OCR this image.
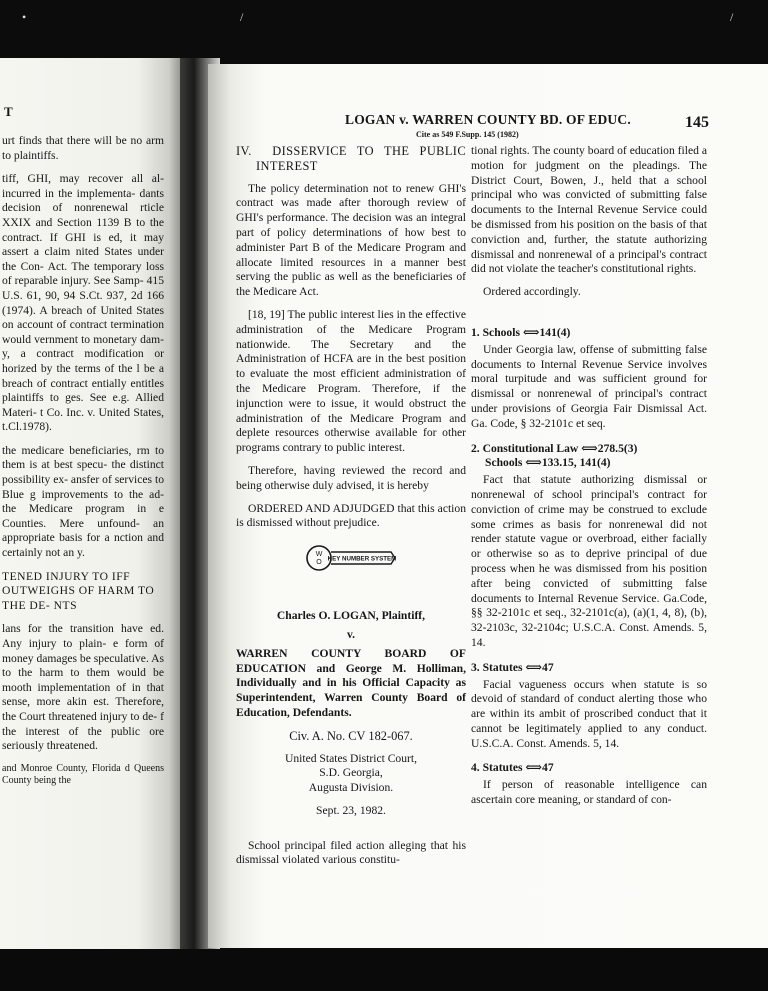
•	/	/
T

urt finds that there will be no arm to plaintiffs.

tiff, GHI, may recover all al- incurred in the implementa- dants decision of nonrenewal rticle XXIX and Section 1139 B to the contract. If GHI is ed, it may assert a claim nited States under the Con- Act. The temporary loss of reparable injury. See Samp- 415 U.S. 61, 90, 94 S.Ct. 937, 2d 166 (1974). A breach of United States on account of contract termination would vernment to monetary dam- y, a contract modification or horized by the terms of the l be a breach of contract entially entitles plaintiffs to ges. See e.g. Allied Materi- t Co. Inc. v. United States, t.Cl.1978).

the medicare beneficiaries, rm to them is at best specu- the distinct possibility ex- ansfer of services to Blue g improvements to the ad- the Medicare program in e Counties. Mere unfound- an appropriate basis for a nction and certainly not an y.

TENED INJURY TO IFF OUTWEIGHS OF HARM TO THE DE- NTS

lans for the transition have ed. Any injury to plain- e form of money damages be speculative. As to the harm to them would be mooth implementation of in that sense, more akin est. Therefore, the Court threatened injury to de- f the interest of the public ore seriously threatened.

and Monroe County, Florida d Queens County being the

LOGAN v. WARREN COUNTY BD. OF EDUC.
Cite as 549 F.Supp. 145 (1982)
145
IV. DISSERVICE TO THE PUBLIC INTEREST

The policy determination not to renew GHI's contract was made after thorough review of GHI's performance. The decision was an integral part of policy determinations of how best to administer Part B of the Medicare Program and allocate limited resources in a manner best serving the public as well as the beneficiaries of the Medicare Act.

[18, 19] The public interest lies in the effective administration of the Medicare Program nationwide. The Secretary and the Administration of HCFA are in the best position to evaluate the most efficient administration of the Medicare Program. Therefore, if the injunction were to issue, it would obstruct the administration of the Medicare Program and deplete resources otherwise available for other programs contrary to public interest.

Therefore, having reviewed the record and being otherwise duly advised, it is hereby

ORDERED AND ADJUDGED that this action is dismissed without prejudice.

W
O KEY NUMBER SYSTEM
Charles O. LOGAN, Plaintiff,
v.
WARREN COUNTY BOARD OF EDUCATION and George M. Holliman, Individually and in his Official Capacity as Superintendent, Warren County Board of Education, Defendants.
Civ. A. No. CV 182-067.
United States District Court,
S.D. Georgia,
Augusta Division.
Sept. 23, 1982.

School principal filed action alleging that his dismissal violated various constitu-

tional rights. The county board of education filed a motion for judgment on the pleadings. The District Court, Bowen, J., held that a school principal who was convicted of submitting false documents to the Internal Revenue Service could be dismissed from his position on the basis of that conviction and, further, the statute authorizing dismissal and nonrenewal of a principal's contract did not violate the teacher's constitutional rights.

Ordered accordingly.

1. Schools ⟺141(4)

Under Georgia law, offense of submitting false documents to Internal Revenue Service involves moral turpitude and was sufficient ground for dismissal or nonrenewal of principal's contract under provisions of Georgia Fair Dismissal Act. Ga. Code, § 32-2101c et seq.

2. Constitutional Law ⟺278.5(3)
Schools ⟺133.15, 141(4)

Fact that statute authorizing dismissal or nonrenewal of school principal's contract for conviction of crime may be construed to exclude some crimes as basis for nonrenewal did not render statute vague or overbroad, either facially or otherwise so as to deprive principal of due process when he was dismissed from his position after being convicted of submitting false documents to Internal Revenue Service. Ga.Code, §§ 32-2101c et seq., 32-2101c(a), (a)(1, 4, 8), (b), 32-2103c, 32-2104c; U.S.C.A. Const. Amends. 5, 14.

3. Statutes ⟺47

Facial vagueness occurs when statute is so devoid of standard of conduct alerting those who are within its ambit of proscribed conduct that it cannot be legitimately applied to any conduct. U.S.C.A. Const. Amends. 5, 14.

4. Statutes ⟺47

If person of reasonable intelligence can ascertain core meaning, or standard of con-
